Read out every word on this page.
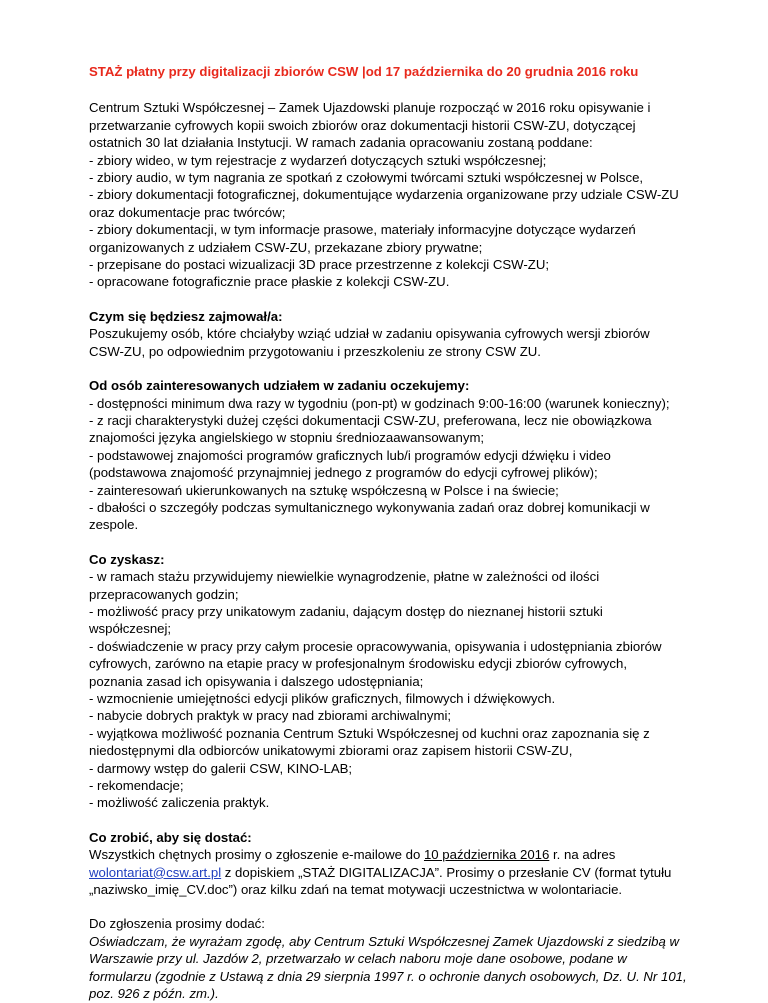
STAŻ płatny przy digitalizacji zbiorów CSW |od 17 października do 20 grudnia 2016 roku
Centrum Sztuki Współczesnej – Zamek Ujazdowski planuje rozpocząć w 2016 roku opisywanie i
przetwarzanie cyfrowych kopii swoich zbiorów oraz dokumentacji historii CSW-ZU, dotyczącej
ostatnich 30 lat działania Instytucji. W ramach zadania opracowaniu zostaną poddane:
- zbiory wideo, w tym rejestracje z wydarzeń dotyczących sztuki współczesnej;
- zbiory audio, w tym nagrania ze spotkań z czołowymi twórcami sztuki współczesnej w Polsce,
- zbiory dokumentacji fotograficznej, dokumentujące wydarzenia organizowane przy udziale CSW-ZU
oraz dokumentacje prac twórców;
- zbiory dokumentacji, w tym informacje prasowe, materiały informacyjne dotyczące wydarzeń
organizowanych z udziałem CSW-ZU, przekazane zbiory prywatne;
- przepisane do postaci wizualizacji 3D prace przestrzenne z kolekcji CSW-ZU;
- opracowane fotograficznie prace płaskie z kolekcji CSW-ZU.
Czym się będziesz zajmował/a:
Poszukujemy osób, które chciałyby wziąć udział w zadaniu opisywania cyfrowych wersji zbiorów
CSW-ZU, po odpowiednim przygotowaniu i przeszkoleniu ze strony CSW ZU.
Od osób zainteresowanych udziałem w zadaniu oczekujemy:
- dostępności minimum dwa razy w tygodniu (pon-pt) w godzinach 9:00-16:00 (warunek konieczny);
- z racji charakterystyki dużej części dokumentacji CSW-ZU, preferowana, lecz nie obowiązkowa
znajomości języka angielskiego w stopniu średniozaawansowanym;
- podstawowej znajomości programów graficznych lub/i programów edycji dźwięku i video
(podstawowa znajomość przynajmniej jednego z programów do edycji cyfrowej plików);
- zainteresowań ukierunkowanych na sztukę współczesną w Polsce i na świecie;
- dbałości o szczegóły podczas symultanicznego wykonywania zadań oraz dobrej komunikacji w
zespole.
Co zyskasz:
- w ramach stażu przywidujemy niewielkie wynagrodzenie, płatne w zależności od ilości
przepracowanych godzin;
- możliwość pracy przy unikatowym zadaniu, dającym dostęp do nieznanej historii sztuki
współczesnej;
- doświadczenie w pracy przy całym procesie opracowywania, opisywania i udostępniania zbiorów
cyfrowych, zarówno na etapie pracy w profesjonalnym środowisku edycji zbiorów cyfrowych,
poznania zasad ich opisywania i dalszego udostępniania;
- wzmocnienie umiejętności edycji plików graficznych, filmowych i dźwiękowych.
- nabycie dobrych praktyk w pracy nad zbiorami archiwalnymi;
- wyjątkowa możliwość poznania Centrum Sztuki Współczesnej od kuchni oraz zapoznania się z
niedostępnymi dla odbiorców unikatowymi zbiorami oraz zapisem historii CSW-ZU,
- darmowy wstęp do galerii CSW, KINO-LAB;
- rekomendacje;
- możliwość zaliczenia praktyk.
Co zrobić, aby się dostać:
Wszystkich chętnych prosimy o zgłoszenie e-mailowe do 10 października 2016 r. na adres
wolontariat@csw.art.pl z dopiskiem „STAŻ DIGITALIZACJA”. Prosimy o przesłanie CV (format tytułu
„naziwsko_imię_CV.doc”) oraz kilku zdań na temat motywacji uczestnictwa w wolontariacie.
Do zgłoszenia prosimy dodać:
Oświadczam, że wyrażam zgodę, aby Centrum Sztuki Współczesnej Zamek Ujazdowski z siedzibą w
Warszawie przy ul. Jazdów 2, przetwarzało w celach naboru moje dane osobowe, podane w
formularzu (zgodnie z Ustawą z dnia 29 sierpnia 1997 r. o ochronie danych osobowych, Dz. U. Nr 101,
poz. 926 z późn. zm.).
